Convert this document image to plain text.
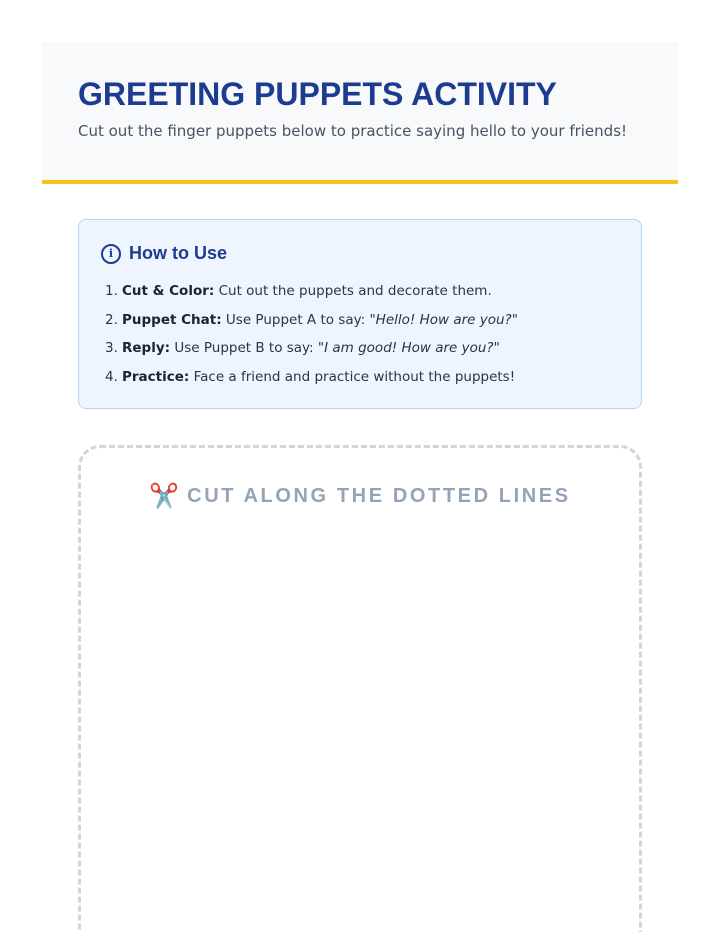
GREETING PUPPETS ACTIVITY

Cut out the finger puppets below to practice saying hello to your friends!

i How to Use
1. Cut & Color: Cut out the puppets and decorate them.
2. Puppet Chat: Use Puppet A to say: "Hello! How are you?"
3. Reply: Use Puppet B to say: "I am good! How are you?"
4. Practice: Face a friend and practice without the puppets!
✂️ CUT ALONG THE DOTTED LINES
